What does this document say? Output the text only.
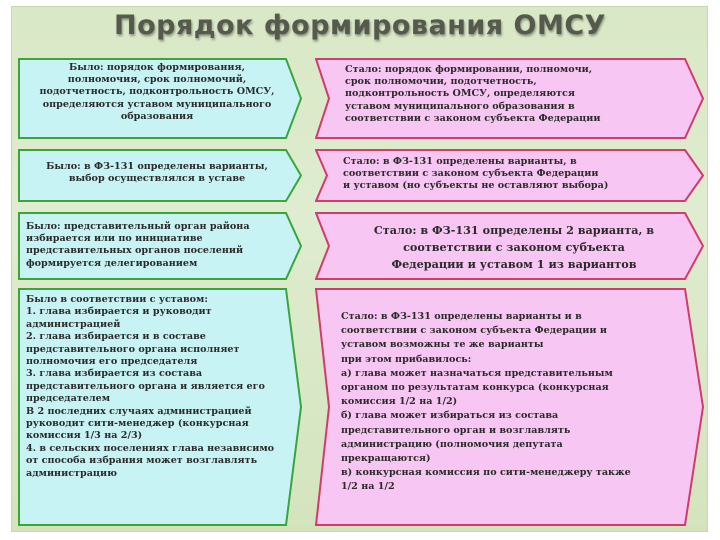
Порядок формирования ОМСУ
Было: порядок формирования,
полномочия, срок полномочий,
подотчетность, подконтрольность ОМСУ,
определяются уставом муниципального
образования
Стало: порядок формировании, полномочи,
срок полномочии, подотчетность,
подконтрольность ОМСУ, определяются
уставом муниципального образования в
соответствии с законом субъекта Федерации
Было: в ФЗ-131 определены варианты,
выбор осуществлялся в уставе
Стало: в ФЗ-131 определены варианты, в
соответствии с законом субъекта Федерации
и уставом (но субъекты не оставляют выбора)
Было: представительный орган района
избирается или по инициативе
представительных органов поселений
формируется делегированием
Стало: в ФЗ-131 определены 2 варианта, в
соответствии с законом субъекта
Федерации и уставом 1 из вариантов
Было в соответствии с уставом:
1. глава избирается и руководит
администрацией
2. глава избирается и в составе
представительного органа исполняет
полномочия его председателя
3. глава избирается из состава
представительного органа и является его
председателем
В 2 последних случаях администрацией
руководит сити-менеджер (конкурсная
комиссия 1/3 на 2/3)
4. в сельских поселениях глава независимо
от способа избрания может возглавлять
администрацию
Стало: в ФЗ-131 определены варианты и в
соответствии с законом субъекта Федерации и
уставом возможны те же варианты
при этом прибавилось:
а) глава может назначаться представительным
органом по результатам конкурса (конкурсная
комиссия 1/2 на 1/2)
б) глава может избираться из состава
представительного орган и возглавлять
администрацию (полномочия депутата
прекращаются)
в) конкурсная комиссия по сити-менеджеру также
1/2 на 1/2
